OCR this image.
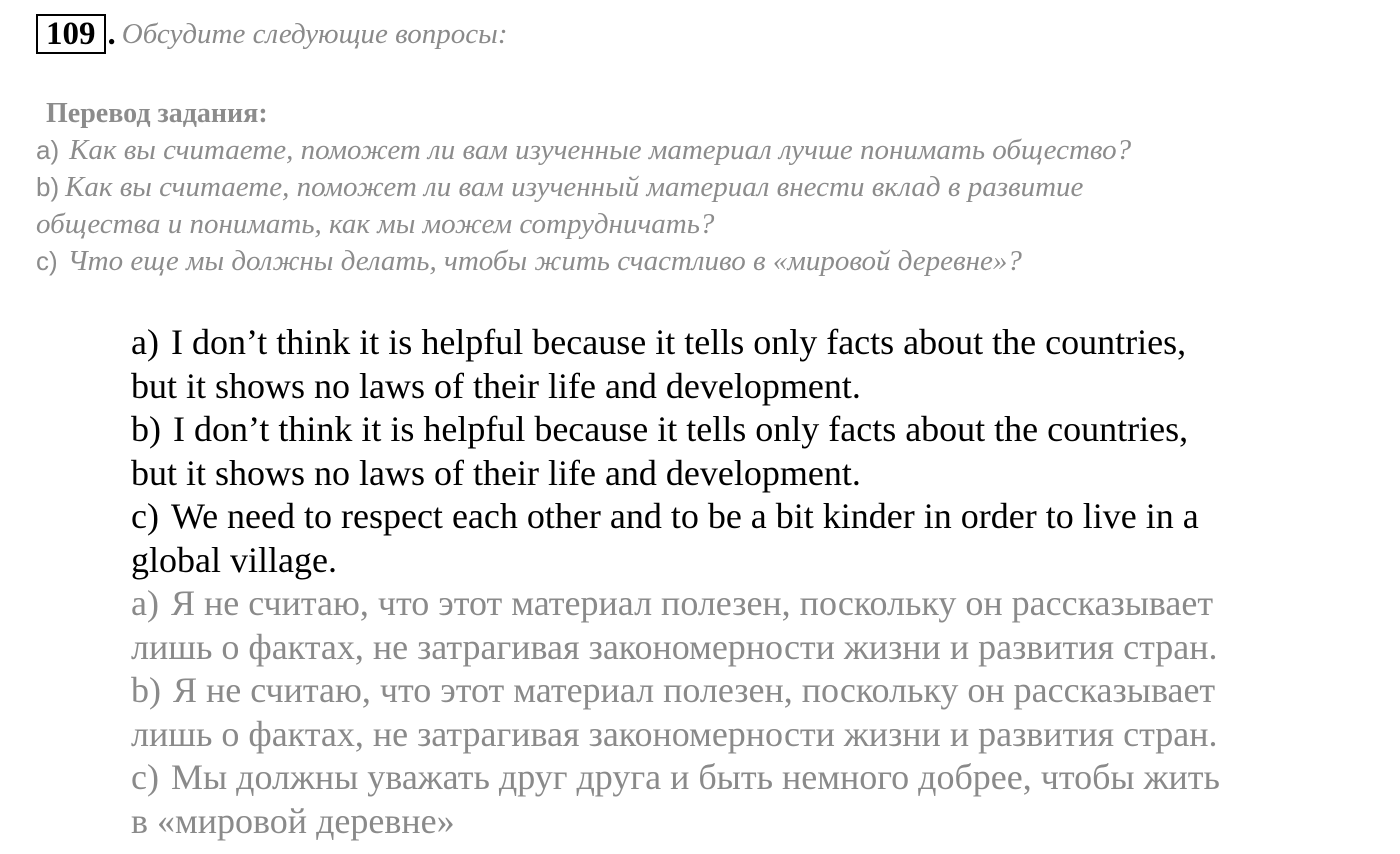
109 . Обсудите следующие вопросы:
Перевод задания:
a) Как вы считаете, поможет ли вам изученные материал лучше понимать общество?
b) Как вы считаете, поможет ли вам изученный материал внести вклад в развитие
общества и понимать, как мы можем сотрудничать?
c) Что еще мы должны делать, чтобы жить счастливо в «мировой деревне»?
a) I don’t think it is helpful because it tells only facts about the countries,
but it shows no laws of their life and development.
b) I don’t think it is helpful because it tells only facts about the countries,
but it shows no laws of their life and development.
c) We need to respect each other and to be a bit kinder in order to live in a
global village.
a) Я не считаю, что этот материал полезен, поскольку он рассказывает
лишь о фактах, не затрагивая закономерности жизни и развития стран.
b) Я не считаю, что этот материал полезен, поскольку он рассказывает
лишь о фактах, не затрагивая закономерности жизни и развития стран.
c) Мы должны уважать друг друга и быть немного добрее, чтобы жить
в «мировой деревне»
